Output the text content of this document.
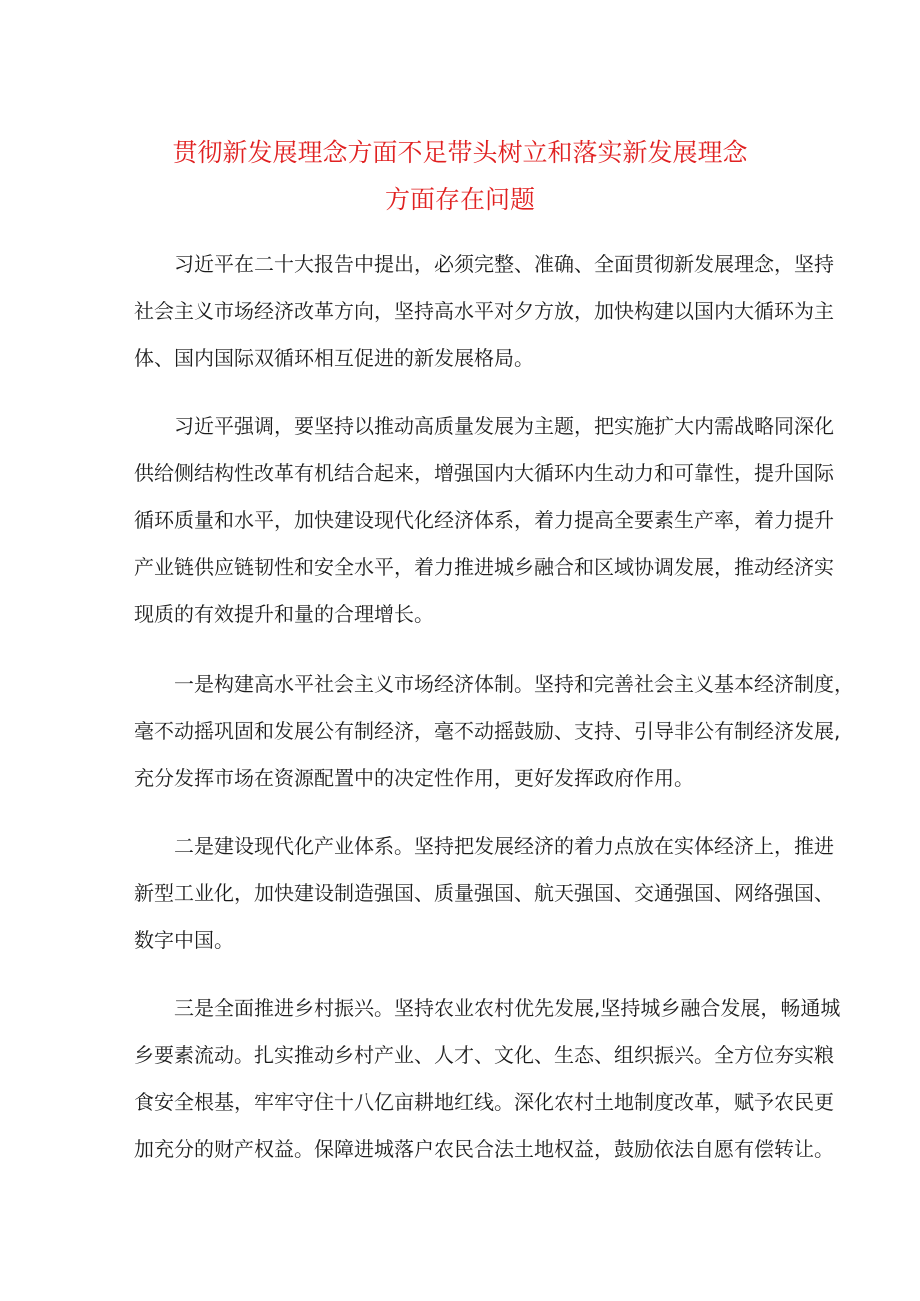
贯彻新发展理念方面不足带头树立和落实新发展理念
方面存在问题
习近平在二十大报告中提出，必须完整、准确、全面贯彻新发展理念，坚持
社会主义市场经济改革方向，坚持高水平对夕方放，加快构建以国内大循环为主
体、国内国际双循环相互促进的新发展格局。
习近平强调，要坚持以推动高质量发展为主题，把实施扩大内需战略同深化
供给侧结构性改革有机结合起来，增强国内大循环内生动力和可靠性，提升国际
循环质量和水平，加快建设现代化经济体系，着力提高全要素生产率，着力提升
产业链供应链韧性和安全水平，着力推进城乡融合和区域协调发展，推动经济实
现质的有效提升和量的合理增长。
一是构建高水平社会主义市场经济体制。坚持和完善社会主义基本经济制度，
毫不动摇巩固和发展公有制经济，毫不动摇鼓励、支持、引导非公有制经济发展,
充分发挥市场在资源配置中的决定性作用，更好发挥政府作用。
二是建设现代化产业体系。坚持把发展经济的着力点放在实体经济上，推进
新型工业化，加快建设制造强国、质量强国、航天强国、交通强国、网络强国、
数字中国。
三是全面推进乡村振兴。坚持农业农村优先发展,坚持城乡融合发展，畅通城
乡要素流动。扎实推动乡村产业、人才、文化、生态、组织振兴。全方位夯实粮
食安全根基，牢牢守住十八亿亩耕地红线。深化农村土地制度改革，赋予农民更
加充分的财产权益。保障进城落户农民合法土地权益，鼓励依法自愿有偿转让。
